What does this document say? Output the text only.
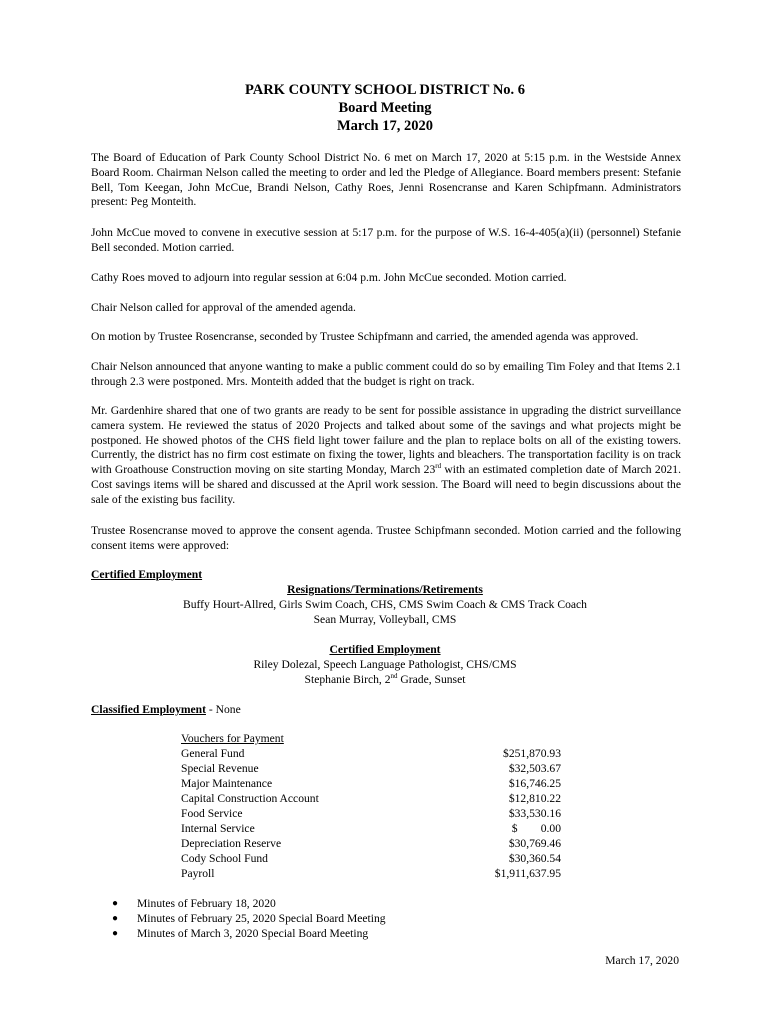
PARK COUNTY SCHOOL DISTRICT No. 6
Board Meeting
March 17, 2020
The Board of Education of Park County School District No. 6 met on March 17, 2020 at 5:15 p.m. in the Westside Annex Board Room. Chairman Nelson called the meeting to order and led the Pledge of Allegiance. Board members present: Stefanie Bell, Tom Keegan, John McCue, Brandi Nelson, Cathy Roes, Jenni Rosencranse and Karen Schipfmann. Administrators present: Peg Monteith.
John McCue moved to convene in executive session at 5:17 p.m. for the purpose of W.S. 16-4-405(a)(ii) (personnel) Stefanie Bell seconded. Motion carried.
Cathy Roes moved to adjourn into regular session at 6:04 p.m. John McCue seconded. Motion carried.
Chair Nelson called for approval of the amended agenda.
On motion by Trustee Rosencranse, seconded by Trustee Schipfmann and carried, the amended agenda was approved.
Chair Nelson announced that anyone wanting to make a public comment could do so by emailing Tim Foley and that Items 2.1 through 2.3 were postponed. Mrs. Monteith added that the budget is right on track.
Mr. Gardenhire shared that one of two grants are ready to be sent for possible assistance in upgrading the district surveillance camera system. He reviewed the status of 2020 Projects and talked about some of the savings and what projects might be postponed. He showed photos of the CHS field light tower failure and the plan to replace bolts on all of the existing towers. Currently, the district has no firm cost estimate on fixing the tower, lights and bleachers. The transportation facility is on track with Groathouse Construction moving on site starting Monday, March 23rd with an estimated completion date of March 2021. Cost savings items will be shared and discussed at the April work session. The Board will need to begin discussions about the sale of the existing bus facility.
Trustee Rosencranse moved to approve the consent agenda. Trustee Schipfmann seconded. Motion carried and the following consent items were approved:
Certified Employment
Resignations/Terminations/Retirements
Buffy Hourt-Allred, Girls Swim Coach, CHS, CMS Swim Coach & CMS Track Coach
Sean Murray, Volleyball, CMS
Certified Employment
Riley Dolezal, Speech Language Pathologist, CHS/CMS
Stephanie Birch, 2nd Grade, Sunset
Classified Employment - None
Vouchers for Payment
General Fund	$251,870.93
Special Revenue	$32,503.67
Major Maintenance	$16,746.25
Capital Construction Account	$12,810.22
Food Service	$33,530.16
Internal Service	$        0.00
Depreciation Reserve	$30,769.46
Cody School Fund	$30,360.54
Payroll	$1,911,637.95
●	Minutes of February 18, 2020
●	Minutes of February 25, 2020 Special Board Meeting
●	Minutes of March 3, 2020 Special Board Meeting
March 17, 2020
